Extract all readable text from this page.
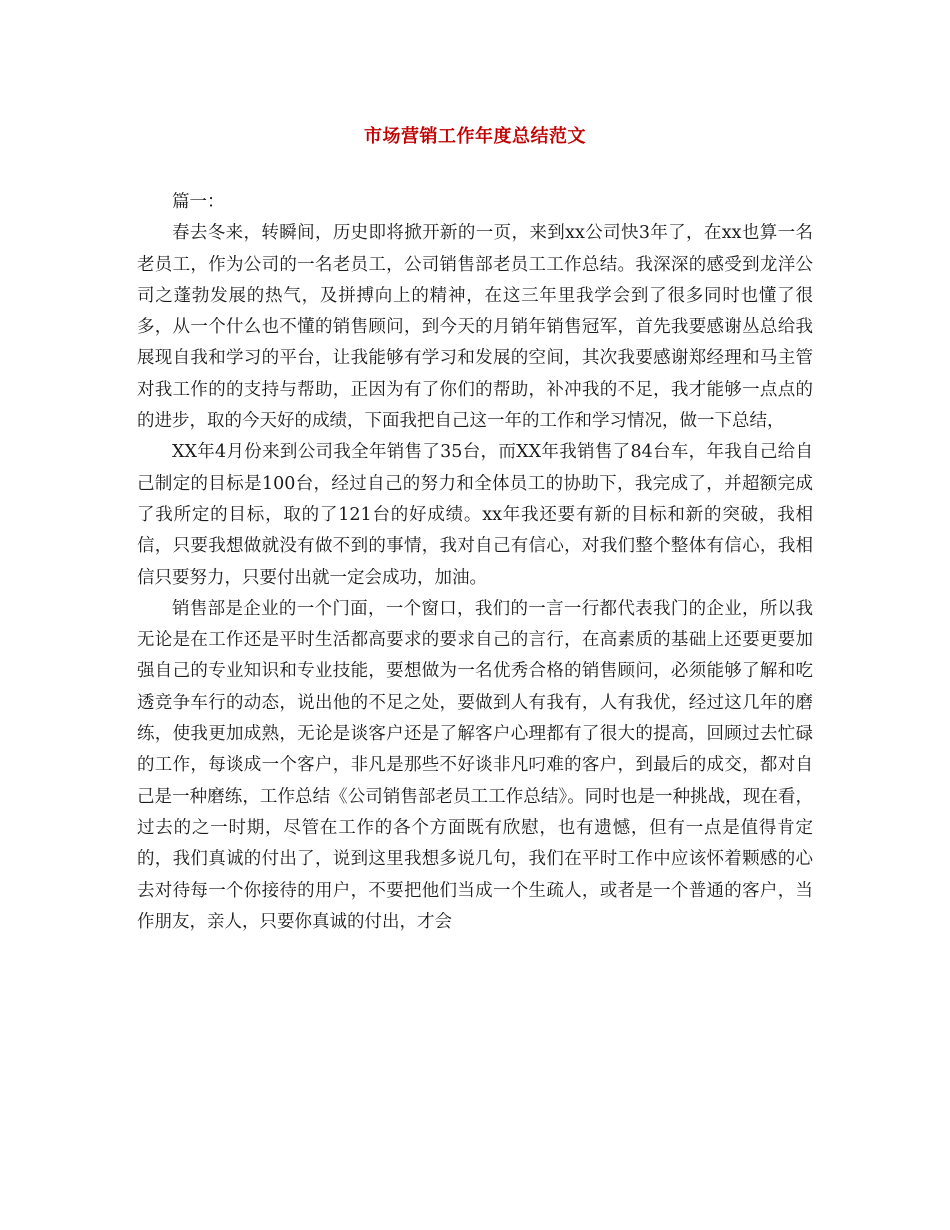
市场营销工作年度总结范文

篇一：

春去冬来，转瞬间，历史即将掀开新的一页，来到xx公司快3年了，在xx也算一名老员工，作为公司的一名老员工，公司销售部老员工工作总结。我深深的感受到龙洋公司之蓬勃发展的热气，及拼搏向上的精神，在这三年里我学会到了很多同时也懂了很多，从一个什么也不懂的销售顾问，到今天的月销年销售冠军，首先我要感谢丛总给我展现自我和学习的平台，让我能够有学习和发展的空间，其次我要感谢郑经理和马主管对我工作的的支持与帮助，正因为有了你们的帮助，补冲我的不足，我才能够一点点的的进步，取的今天好的成绩，下面我把自己这一年的工作和学习情况，做一下总结，

XX年4月份来到公司我全年销售了35台，而XX年我销售了84台车，年我自己给自己制定的目标是100台，经过自己的努力和全体员工的协助下，我完成了，并超额完成了我所定的目标，取的了121台的好成绩。xx年我还要有新的目标和新的突破，我相信，只要我想做就没有做不到的事情，我对自己有信心，对我们整个整体有信心，我相信只要努力，只要付出就一定会成功，加油。

销售部是企业的一个门面，一个窗口，我们的一言一行都代表我门的企业，所以我无论是在工作还是平时生活都高要求的要求自己的言行，在高素质的基础上还要更要加强自己的专业知识和专业技能，要想做为一名优秀合格的销售顾问，必须能够了解和吃透竞争车行的动态，说出他的不足之处，要做到人有我有，人有我优，经过这几年的磨练，使我更加成熟，无论是谈客户还是了解客户心理都有了很大的提高，回顾过去忙碌的工作，每谈成一个客户，非凡是那些不好谈非凡叼难的客户，到最后的成交，都对自己是一种磨练，工作总结《公司销售部老员工工作总结》。同时也是一种挑战，现在看，过去的之一时期，尽管在工作的各个方面既有欣慰，也有遗憾，但有一点是值得肯定的，我们真诚的付出了，说到这里我想多说几句，我们在平时工作中应该怀着颗感的心去对待每一个你接待的用户，不要把他们当成一个生疏人，或者是一个普通的客户，当作朋友，亲人，只要你真诚的付出，才会
